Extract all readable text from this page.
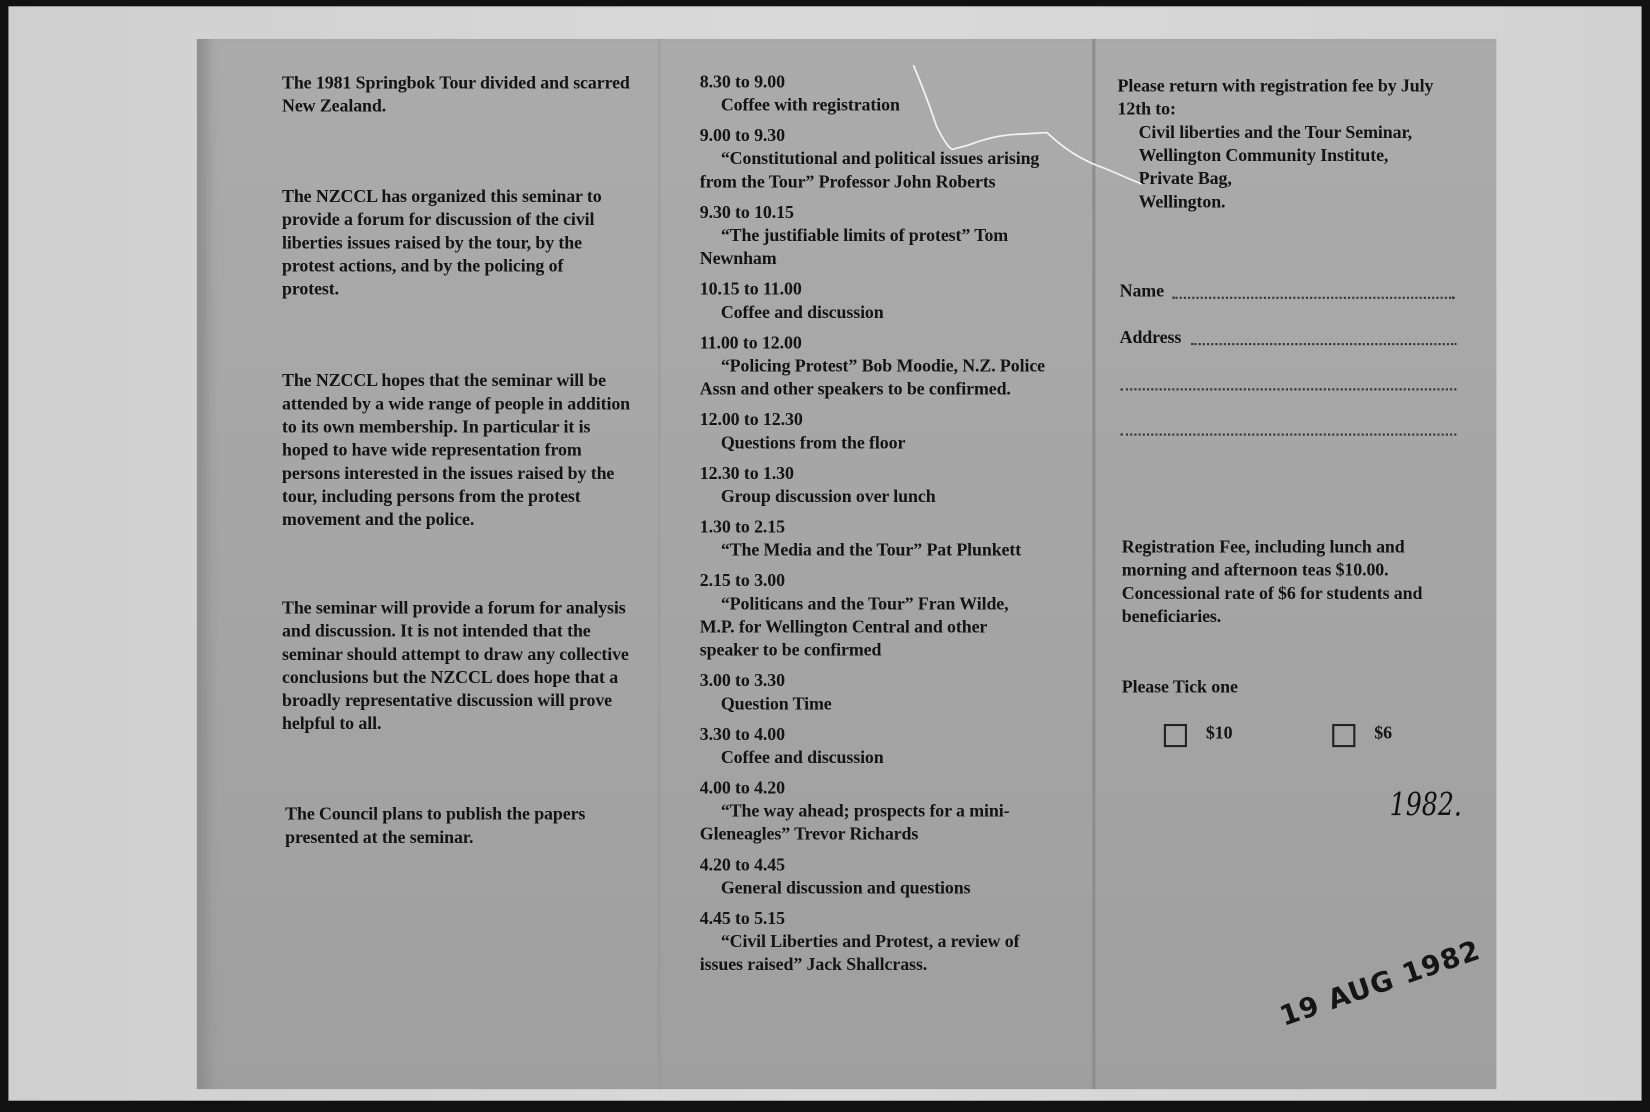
The 1981 Springbok Tour divided and scarred New Zealand.
The NZCCL has organized this seminar to provide a forum for discussion of the civil liberties issues raised by the tour, by the protest actions, and by the policing of protest.
The NZCCL hopes that the seminar will be attended by a wide range of people in addition to its own membership. In particular it is hoped to have wide representation from persons interested in the issues raised by the tour, including persons from the protest movement and the police.
The seminar will provide a forum for analysis and discussion. It is not intended that the seminar should attempt to draw any collective conclusions but the NZCCL does hope that a broadly representative discussion will prove helpful to all.
The Council plans to publish the papers presented at the seminar.
8.30 to 9.00
Coffee with registration
9.00 to 9.30
“Constitutional and political issues arising from the Tour” Professor John Roberts
9.30 to 10.15
“The justifiable limits of protest” Tom Newnham
10.15 to 11.00
Coffee and discussion
11.00 to 12.00
“Policing Protest” Bob Moodie, N.Z. Police Assn and other speakers to be confirmed.
12.00 to 12.30
Questions from the floor
12.30 to 1.30
Group discussion over lunch
1.30 to 2.15
“The Media and the Tour” Pat Plunkett
2.15 to 3.00
“Politicans and the Tour” Fran Wilde, M.P. for Wellington Central and other speaker to be confirmed
3.00 to 3.30
Question Time
3.30 to 4.00
Coffee and discussion
4.00 to 4.20
“The way ahead; prospects for a mini-Gleneagles” Trevor Richards
4.20 to 4.45
General discussion and questions
4.45 to 5.15
“Civil Liberties and Protest, a review of issues raised” Jack Shallcrass.
Please return with registration fee by July 12th to:
Civil liberties and the Tour Seminar,
Wellington Community Institute,
Private Bag,
Wellington.
Name
Address
Registration Fee, including lunch and morning and afternoon teas $10.00. Concessional rate of $6 for students and beneficiaries.
Please Tick one
$10	$6
1982.
19 AUG 1982
